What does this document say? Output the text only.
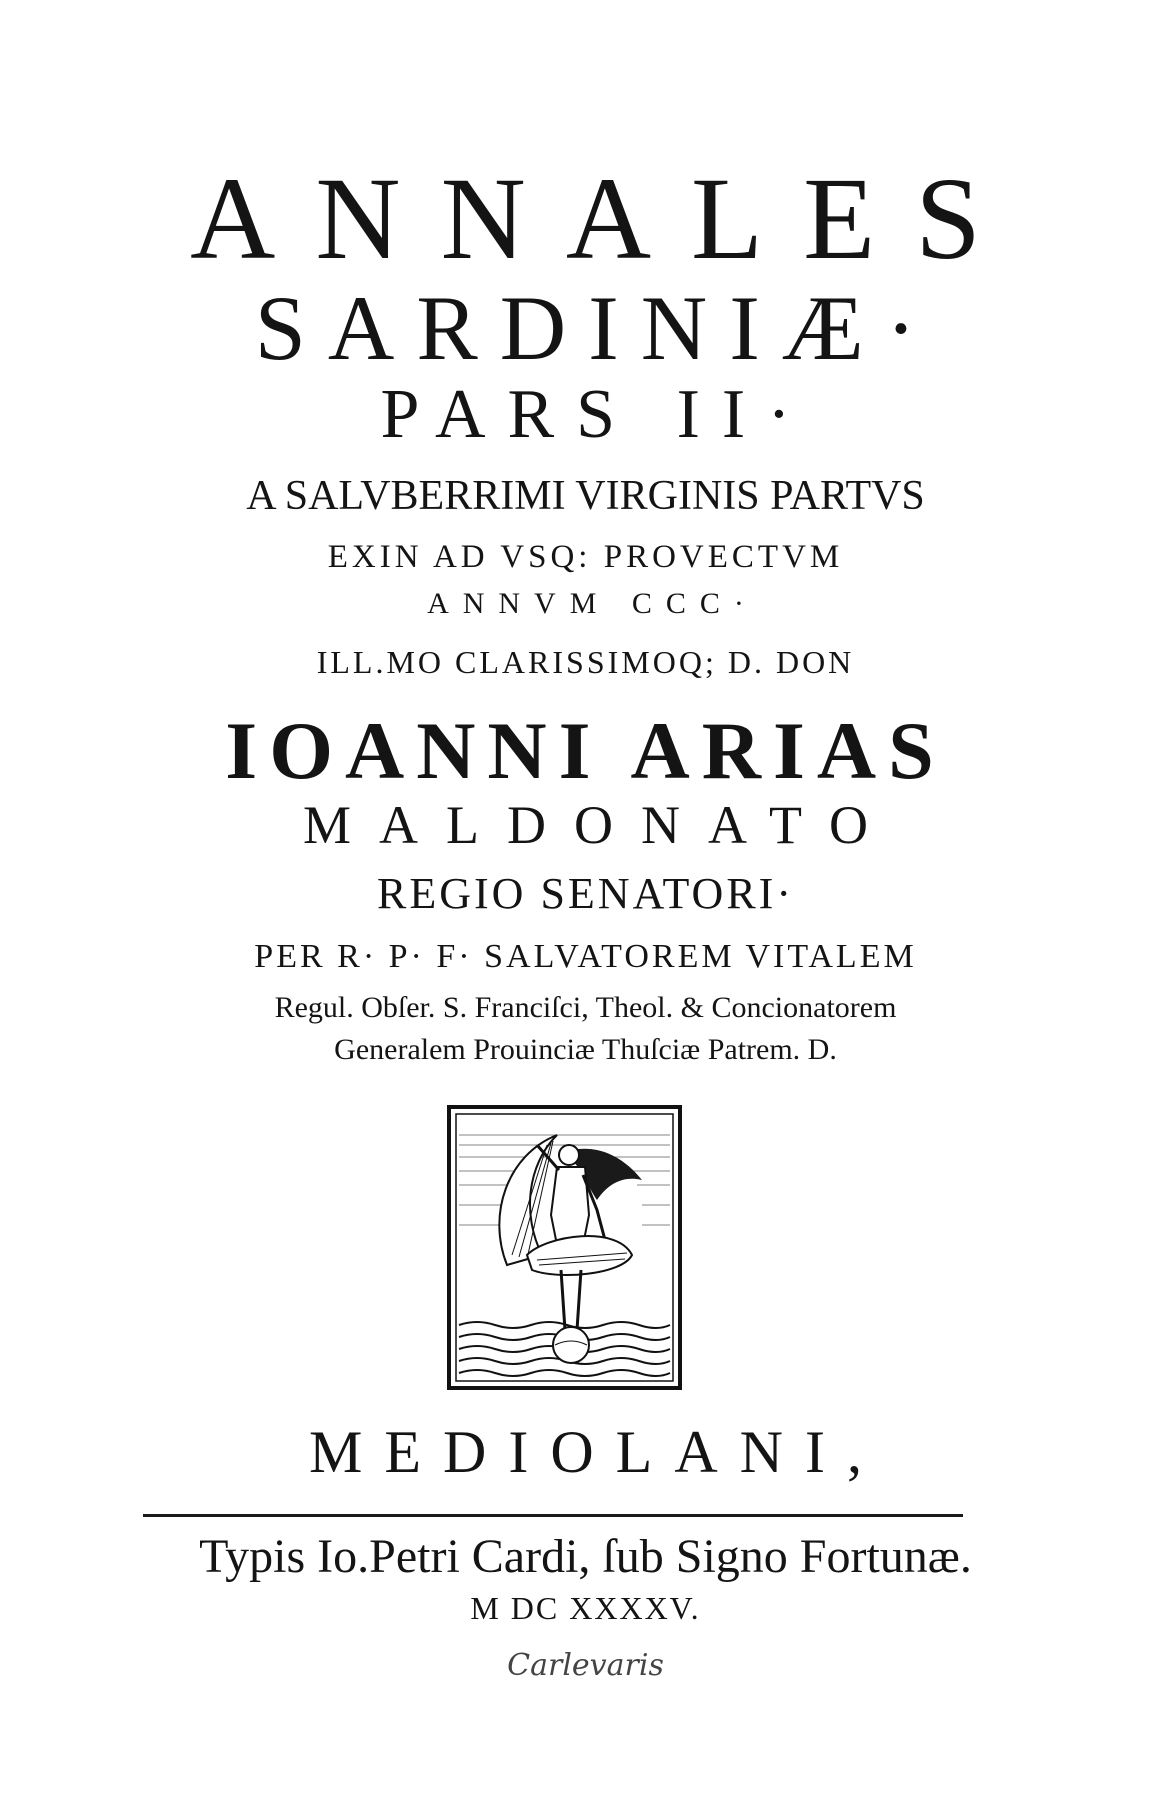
ANNALES
SARDINIÆ·
PARS II·
A SALVBERRIMI VIRGINIS PARTVS
EXIN AD VSQ: PROVECTVM
ANNVM CCC·
ILL.MO CLARISSIMOQ; D. DON
IOANNI ARIAS
MALDONATO
REGIO SENATORI·
PER R· P· F· SALVATOREM VITALEM
Regul. Obſer. S. Franciſci, Theol. & Concionatorem
Generalem Prouinciæ Thuſciæ Patrem. D.
MEDIOLANI,
Typis Io.Petri Cardi, ſub Signo Fortunæ.
M DC XXXXV.
Carlevaris
